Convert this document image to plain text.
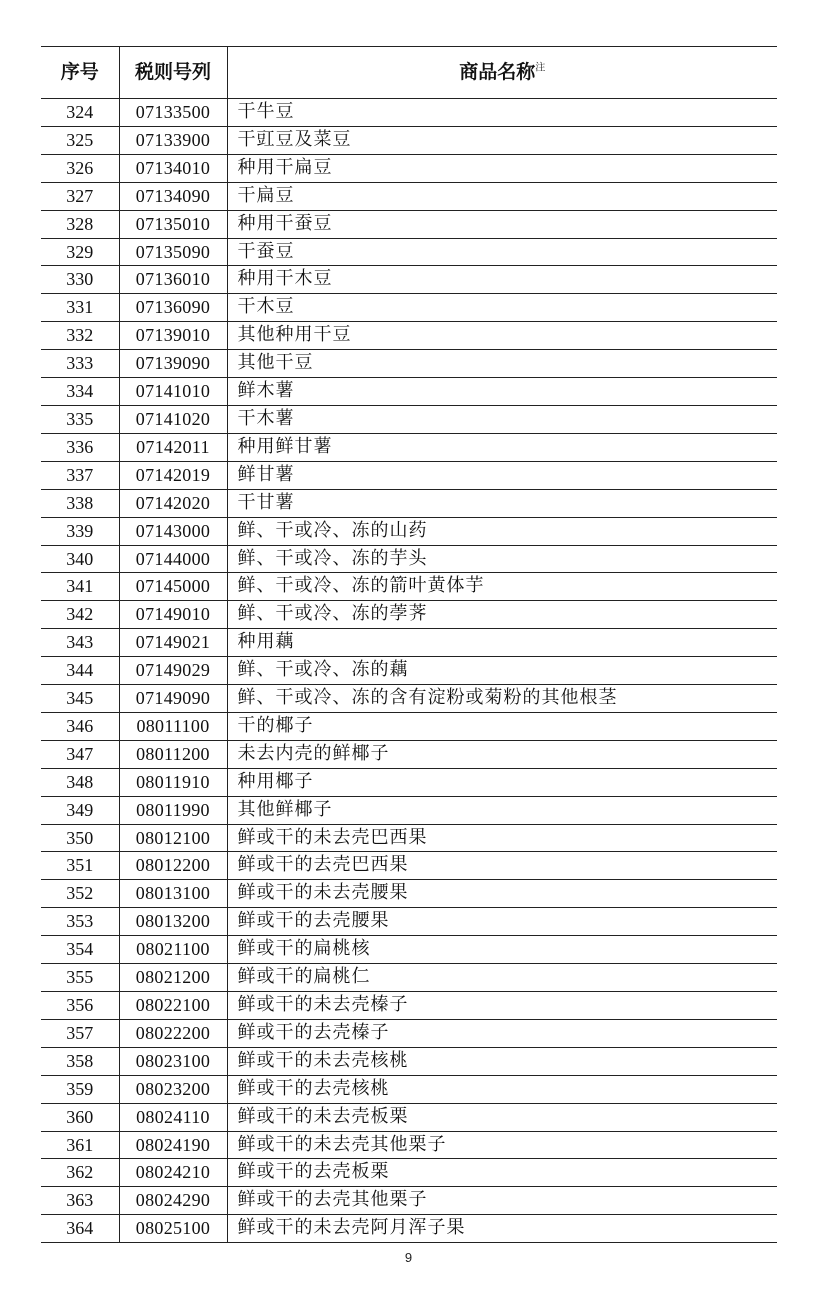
序号	税则号列	商品名称$^注$
324	07133500	干牛豆
325	07133900	干豇豆及菜豆
326	07134010	种用干扁豆
327	07134090	干扁豆
328	07135010	种用干蚕豆
329	07135090	干蚕豆
330	07136010	种用干木豆
331	07136090	干木豆
332	07139010	其他种用干豆
333	07139090	其他干豆
334	07141010	鲜木薯
335	07141020	干木薯
336	07142011	种用鲜甘薯
337	07142019	鲜甘薯
338	07142020	干甘薯
339	07143000	鲜、干或冷、冻的山药
340	07144000	鲜、干或冷、冻的芋头
341	07145000	鲜、干或冷、冻的箭叶黄体芋
342	07149010	鲜、干或冷、冻的荸荠
343	07149021	种用藕
344	07149029	鲜、干或冷、冻的藕
345	07149090	鲜、干或冷、冻的含有淀粉或菊粉的其他根茎
346	08011100	干的椰子
347	08011200	未去内壳的鲜椰子
348	08011910	种用椰子
349	08011990	其他鲜椰子
350	08012100	鲜或干的未去壳巴西果
351	08012200	鲜或干的去壳巴西果
352	08013100	鲜或干的未去壳腰果
353	08013200	鲜或干的去壳腰果
354	08021100	鲜或干的扁桃核
355	08021200	鲜或干的扁桃仁
356	08022100	鲜或干的未去壳榛子
357	08022200	鲜或干的去壳榛子
358	08023100	鲜或干的未去壳核桃
359	08023200	鲜或干的去壳核桃
360	08024110	鲜或干的未去壳板栗
361	08024190	鲜或干的未去壳其他栗子
362	08024210	鲜或干的去壳板栗
363	08024290	鲜或干的去壳其他栗子
364	08025100	鲜或干的未去壳阿月浑子果
9
